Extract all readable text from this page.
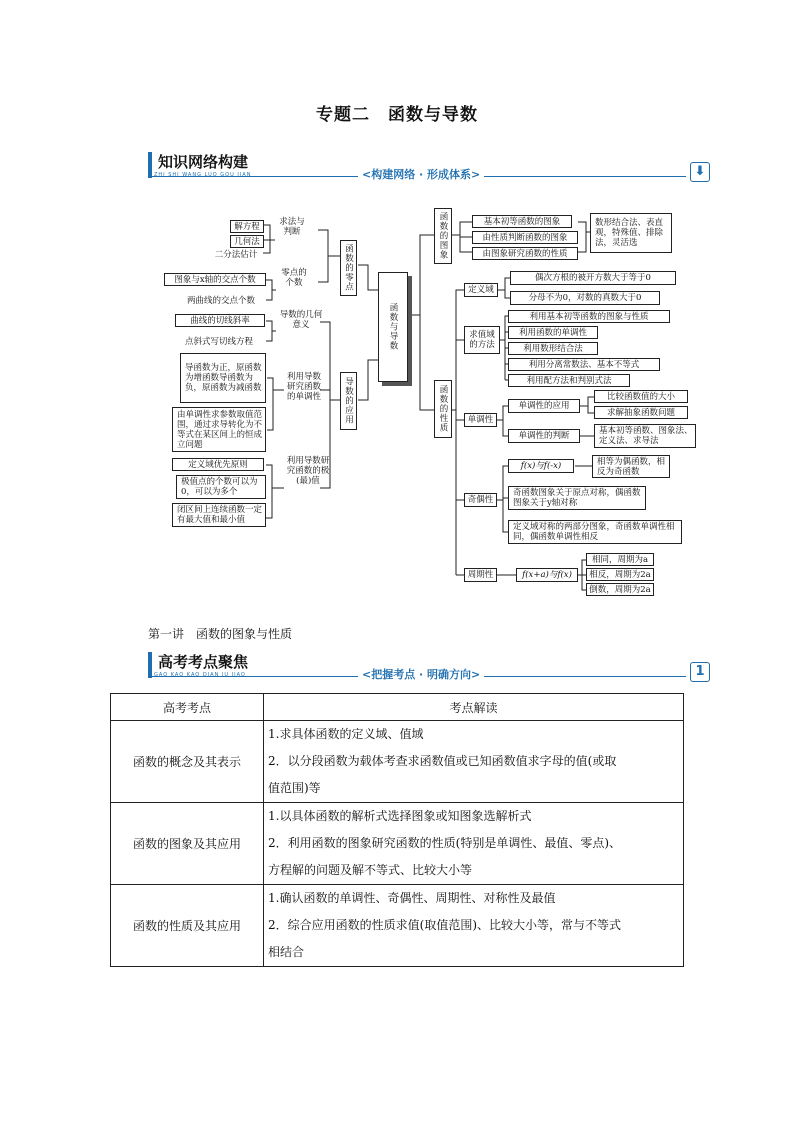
专题二　函数与导数
知识网络构建
ZHI SHI WANG LUO GOU JIAN	<构建网络 · 形成体系>	⬇
解方程
几何法
二分法估计
求法与判断
图象与x轴的交点个数
两曲线的交点个数
零点的个数	函数的零点
曲线的切线斜率
点斜式写切线方程
导数的几何意义
导函数为正，原函数为增函数导函数为负，原函数为减函数
由单调性求参数取值范围，通过求导转化为不等式在某区间上的恒成立问题
利用导数研究函数的单调性
定义域优先原则
极值点的个数可以为0，可以为多个
闭区间上连续函数一定有最大值和最小值
利用导数研究函数的极(最)值
导数的应用
函数与导数
函数的图象	基本初等函数的图象
由性质判断函数的图象
由图象研究函数的性质
数形结合法、表直观，特殊值、排除法，灵活选
函数的性质
定义域
偶次方根的被开方数大于等于0
分母不为0，对数的真数大于0
求值域的方法
利用基本初等函数的图象与性质
利用函数的单调性
利用数形结合法
利用分离常数法、基本不等式
利用配方法和判别式法
单调性
单调性的应用
比较函数值的大小
求解抽象函数问题
单调性的判断	基本初等函数、图象法、定义法、求导法
奇偶性
f(x)与f(-x)	相等为偶函数，相反为奇函数
奇函数图象关于原点对称，偶函数图象关于y轴对称
定义域对称的两部分图象，奇函数单调性相同，偶函数单调性相反
周期性	f(x+a)与f(x)
相同，周期为a
相反，周期为2a
倒数，周期为2a
第一讲　函数的图象与性质
高考考点聚焦
GAO KAO KAO DIAN JU JIAO	<把握考点 · 明确方向>	1
高考考点	考点解读
函数的概念及其表示	1.求具体函数的定义域、值域
2．以分段函数为载体考查求函数值或已知函数值求字母的值(或取
值范围)等

函数的图象及其应用	1.以具体函数的解析式选择图象或知图象选解析式
2．利用函数的图象研究函数的性质(特别是单调性、最值、零点)、
方程解的问题及解不等式、比较大小等

函数的性质及其应用	1.确认函数的单调性、奇偶性、周期性、对称性及最值
2．综合应用函数的性质求值(取值范围)、比较大小等，常与不等式
相结合
